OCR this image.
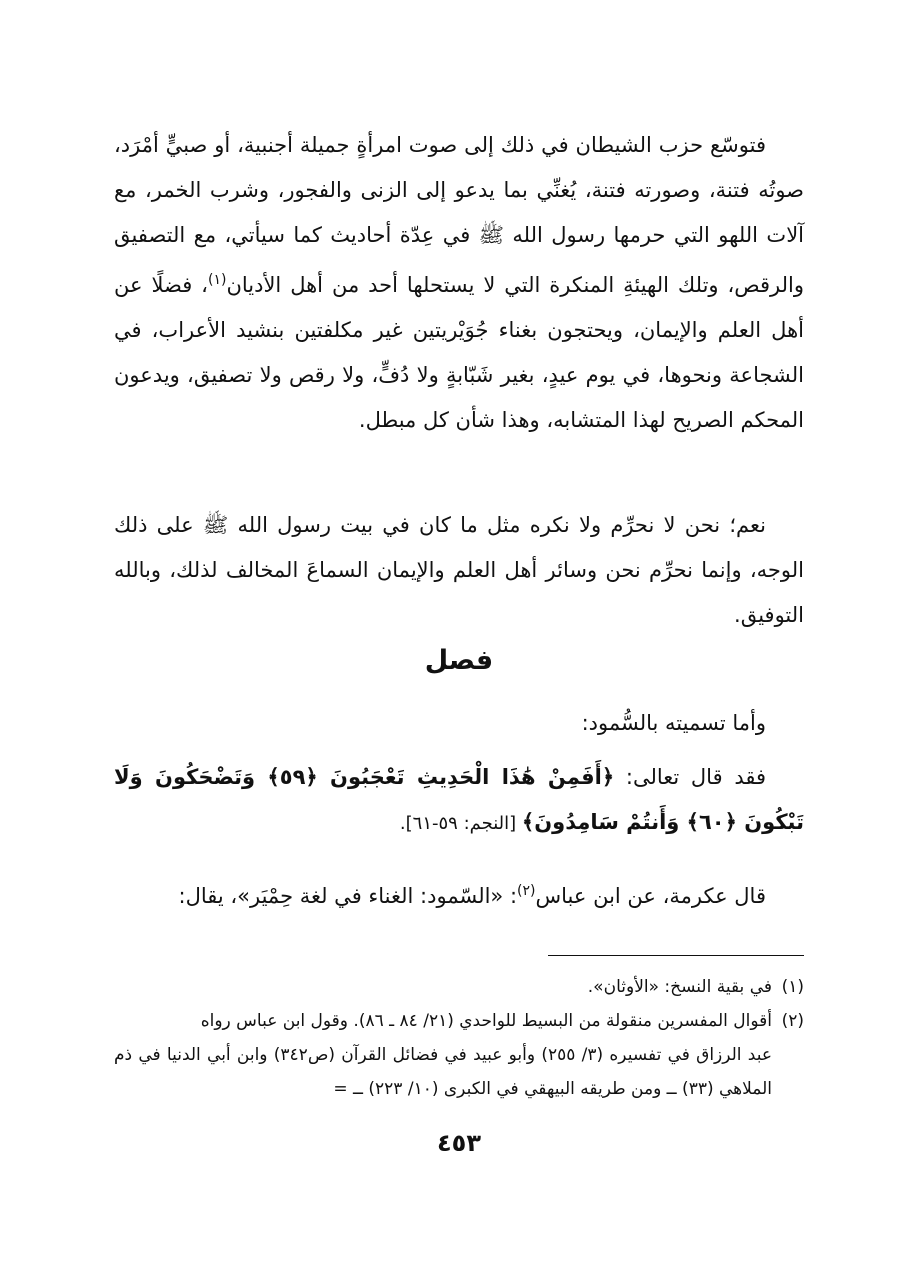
فتوسّع حزب الشيطان في ذلك إلى صوت امرأةٍ جميلة أجنبية، أو صبيٍّ أمْرَد، صوتُه فتنة، وصورته فتنة، يُغنِّي بما يدعو إلى الزنى والفجور، وشرب الخمر، مع آلات اللهو التي حرمها رسول الله ﷺ في عِدّة أحاديث كما سيأتي، مع التصفيق والرقص، وتلك الهيئةِ المنكرة التي لا يستحلها أحد من أهل الأديان$^{(١)}$، فضلًا عن أهل العلم والإيمان، ويحتجون بغناء جُوَيْريتين غير مكلفتين بنشيد الأعراب، في الشجاعة ونحوها، في يوم عيدٍ، بغير شَبّابةٍ ولا دُفٍّ، ولا رقص ولا تصفيق، ويدعون المحكم الصريح لهذا المتشابه، وهذا شأن كل مبطل.

نعم؛ نحن لا نحرِّم ولا نكره مثل ما كان في بيت رسول الله ﷺ على ذلك الوجه، وإنما نحرِّم نحن وسائر أهل العلم والإيمان السماعَ المخالف لذلك، وبالله التوفيق.

فصل

وأما تسميته بالسُّمود:

فقد قال تعالى: ﴿أَفَمِنْ هَٰذَا الْحَدِيثِ تَعْجَبُونَ ﴿٥٩﴾ وَتَضْحَكُونَ وَلَا تَبْكُونَ ﴿٦٠﴾ وَأَنتُمْ سَامِدُونَ﴾ [النجم: ٥٩-٦١].

قال عكرمة، عن ابن عباس$^{(٢)}$: «السّمود: الغناء في لغة حِمْيَر»، يقال:

(١)في بقية النسخ: «الأوثان».

(٢)أقوال المفسرين منقولة من البسيط للواحدي (٢١/ ٨٤ ـ ٨٦). وقول ابن عباس رواه

عبد الرزاق في تفسيره (٣/ ٢٥٥) وأبو عبيد في فضائل القرآن (ص٣٤٢) وابن أبي الدنيا في ذم الملاهي (٣٣) ــ ومن طريقه البيهقي في الكبرى (١٠/ ٢٢٣) ــ =

٤٥٣
